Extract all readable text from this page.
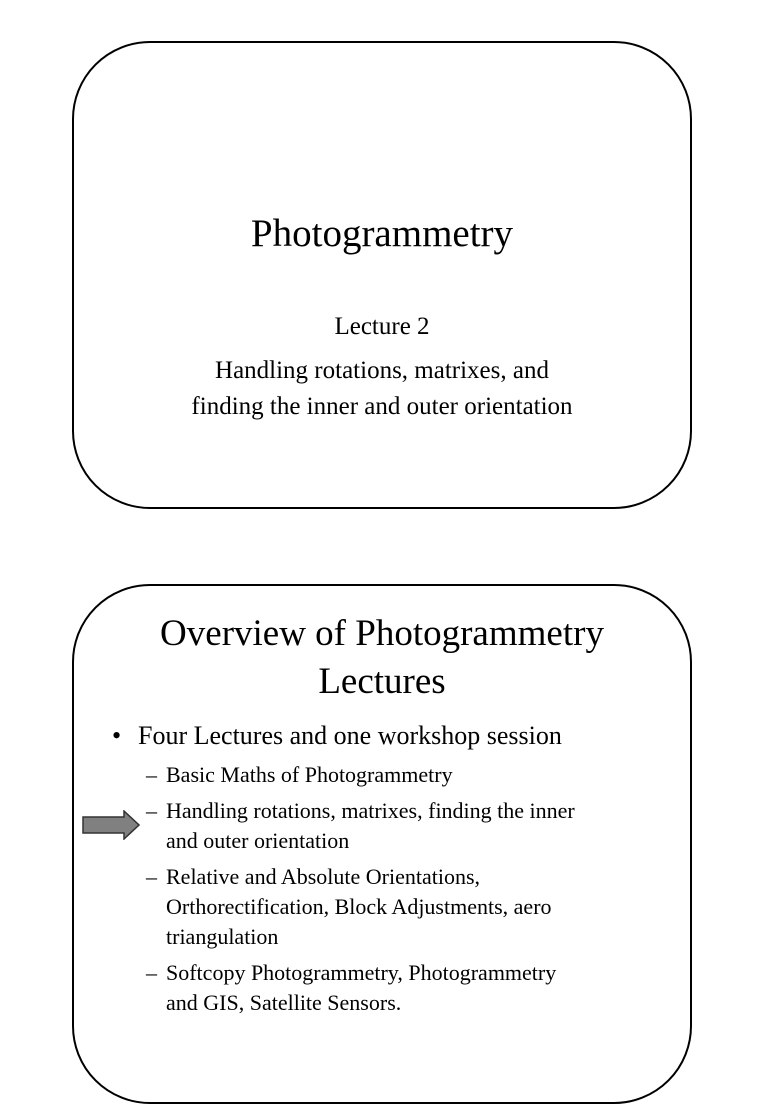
Photogrammetry
Lecture 2
Handling rotations, matrixes, and
finding the inner and outer orientation
Overview of Photogrammetry
Lectures
• Four Lectures and one workshop session
– Basic Maths of Photogrammetry
– Handling rotations, matrixes, finding the inner
and outer orientation
– Relative and Absolute Orientations,
Orthorectification, Block Adjustments, aero
triangulation
– Softcopy Photogrammetry, Photogrammetry
and GIS, Satellite Sensors.
